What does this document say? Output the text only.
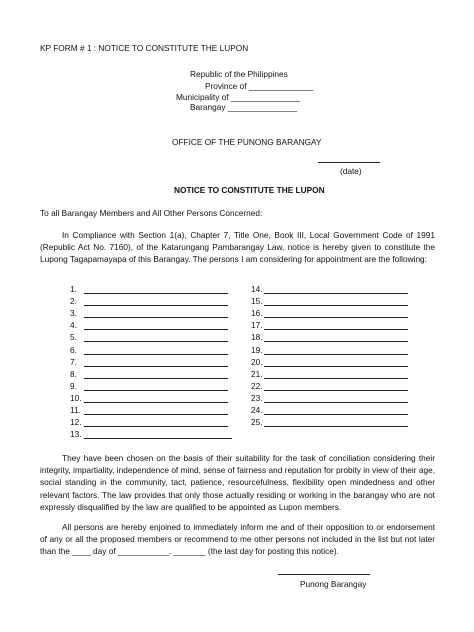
KP FORM # 1 : NOTICE TO CONSTITUTE THE LUPON
Republic of the Philippines
Province of ______________
Municipality of _______________
Barangay _______________
OFFICE OF THE PUNONG BARANGAY
(date)
NOTICE TO CONSTITUTE THE LUPON
To all Barangay Members and All Other Persons Concerned:
In Compliance with Section 1(a), Chapter 7, Title One, Book III, Local Government Code of 1991 (Republic Act No. 7160), of the Katarungang Pambarangay Law, notice is hereby given to constitute the Lupong Tagapamayapa of this Barangay. The persons I am considering for appointment are the following:
1.
2.
3.
4.
5.
6.
7.
8.
9.
10.
11.
12.
13.
14.
15.
16.
17.
18.
19.
20.
21.
22.
23.
24.
25.
They have been chosen on the basis of their suitability for the task of conciliation considering their integrity, impartiality, independence of mind, sense of fairness and reputation for probity in view of their age, social standing in the community, tact, patience, resourcefulness, flexibility open mindedness and other relevant factors. The law provides that only those actually residing or working in the barangay who are not expressly disqualified by the law are qualified to be appointed as Lupon members.
All persons are hereby enjoined to immediately inform me and of their opposition to or endorsement of any or all the proposed members or recommend to me other persons not included in the list but not later than the ____ day of ___________, _______ (the last day for posting this notice).
Punong Barangay
